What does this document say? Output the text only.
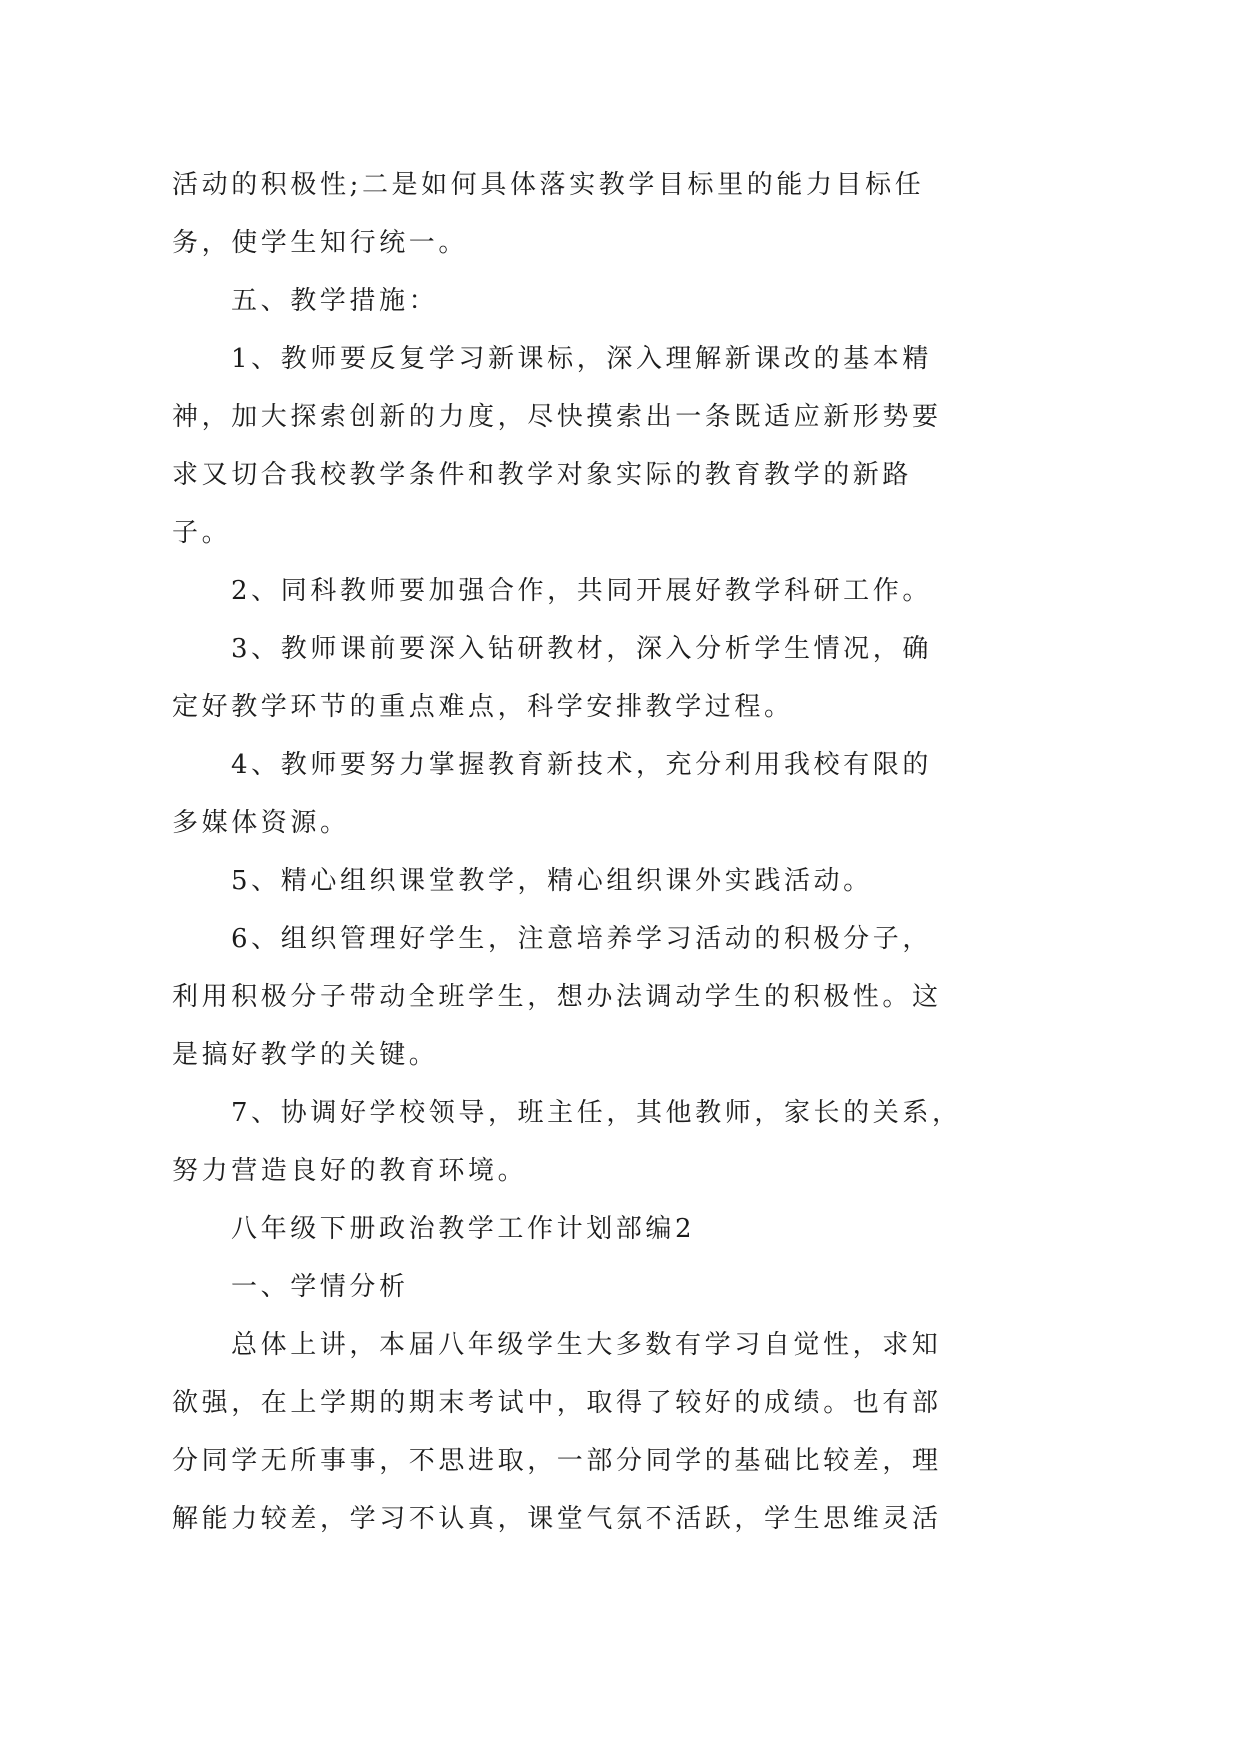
活动的积极性;二是如何具体落实教学目标里的能力目标任
务，使学生知行统一。
五、教学措施：
1、教师要反复学习新课标，深入理解新课改的基本精
神，加大探索创新的力度，尽快摸索出一条既适应新形势要
求又切合我校教学条件和教学对象实际的教育教学的新路
子。
2、同科教师要加强合作，共同开展好教学科研工作。
3、教师课前要深入钻研教材，深入分析学生情况，确
定好教学环节的重点难点，科学安排教学过程。
4、教师要努力掌握教育新技术，充分利用我校有限的
多媒体资源。
5、精心组织课堂教学，精心组织课外实践活动。
6、组织管理好学生，注意培养学习活动的积极分子，
利用积极分子带动全班学生，想办法调动学生的积极性。这
是搞好教学的关键。
7、协调好学校领导，班主任，其他教师，家长的关系，
努力营造良好的教育环境。
八年级下册政治教学工作计划部编2
一、学情分析
总体上讲，本届八年级学生大多数有学习自觉性，求知
欲强，在上学期的期末考试中，取得了较好的成绩。也有部
分同学无所事事，不思进取，一部分同学的基础比较差，理
解能力较差，学习不认真，课堂气氛不活跃，学生思维灵活
